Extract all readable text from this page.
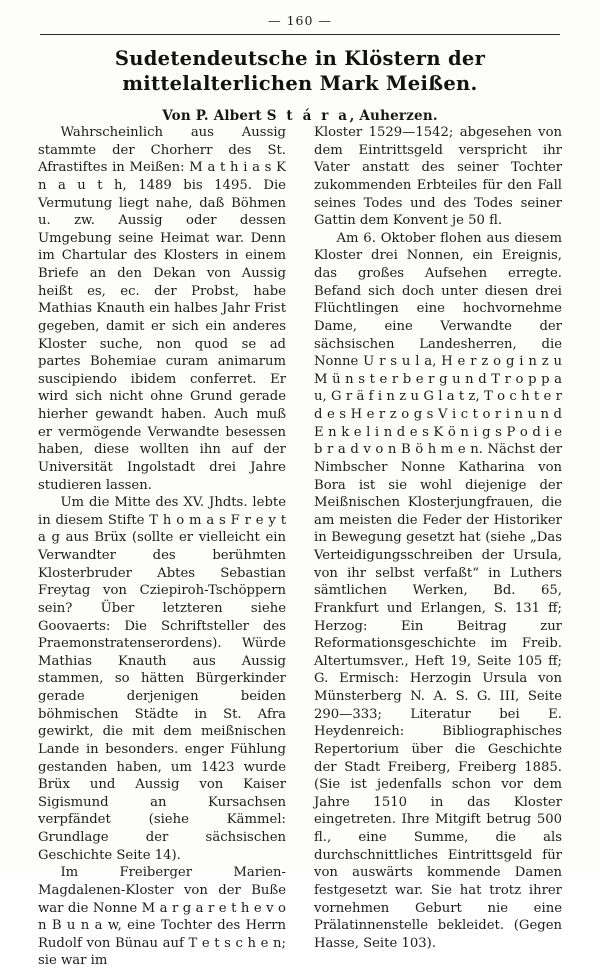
— 160 —
Sudetendeutsche in Klöstern der mittelalterlichen Mark Meißen.
Von P. Albert S t á r a, Auherzen.

Wahrscheinlich aus Aussig stammte der Chorherr des St. Afrastiftes in Meißen: M a t h i a s K n a u t h, 1489 bis 1495. Die Vermutung liegt nahe, daß Böhmen u. zw. Aussig oder dessen Umgebung seine Heimat war. Denn im Chartular des Klosters in einem Briefe an den Dekan von Aussig heißt es, ec. der Probst, habe Mathias Knauth ein halbes Jahr Frist gegeben, damit er sich ein anderes Kloster suche, non quod se ad partes Bohemiae curam animarum suscipiendo ibidem conferret. Er wird sich nicht ohne Grund gerade hierher gewandt haben. Auch muß er vermögende Verwandte besessen haben, diese wollten ihn auf der Universität Ingolstadt drei Jahre studieren lassen.

Um die Mitte des XV. Jhdts. lebte in diesem Stifte T h o m a s F r e y t a g aus Brüx (sollte er vielleicht ein Verwandter des berühmten Klosterbruder Abtes Sebastian Freytag von Cziepiroh-Tschöppern sein? Über letzteren siehe Goovaerts: Die Schriftsteller des Praemonstratenserordens). Würde Mathias Knauth aus Aussig stammen, so hätten Bürgerkinder gerade derjenigen beiden böhmischen Städte in St. Afra gewirkt, die mit dem meißnischen Lande in besonders. enger Fühlung gestanden haben, um 1423 wurde Brüx und Aussig von Kaiser Sigismund an Kursachsen verpfändet (siehe Kämmel: Grundlage der sächsischen Geschichte Seite 14).

Im Freiberger Marien-Magdalenen-Kloster von der Buße war die Nonne M a r g a r e t h e v o n B u n a w, eine Tochter des Herrn Rudolf von Bünau auf T e t s c h e n; sie war im

Kloster 1529—1542; abgesehen von dem Eintrittsgeld verspricht ihr Vater anstatt des seiner Tochter zukommenden Erbteiles für den Fall seines Todes und des Todes seiner Gattin dem Konvent je 50 fl.

Am 6. Oktober flohen aus diesem Kloster drei Nonnen, ein Ereignis, das großes Aufsehen erregte. Befand sich doch unter diesen drei Flüchtlingen eine hochvornehme Dame, eine Verwandte der sächsischen Landesherren, die Nonne U r s u l a, H e r z o g i n z u M ü n s t e r b e r g u n d T r o p p a u, G r ä f i n z u G l a t z, T o c h t e r d e s H e r z o g s V i c t o r i n u n d E n k e l i n d e s K ö n i g s P o d i e b r a d v o n B ö h m e n. Nächst der Nimbscher Nonne Katharina von Bora ist sie wohl diejenige der Meißnischen Klosterjungfrauen, die am meisten die Feder der Historiker in Bewegung gesetzt hat (siehe „Das Verteidigungsschreiben der Ursula, von ihr selbst verfaßt“ in Luthers sämtlichen Werken, Bd. 65, Frankfurt und Erlangen, S. 131 ff; Herzog: Ein Beitrag zur Reformationsgeschichte im Freib. Altertumsver., Heft 19, Seite 105 ff; G. Ermisch: Herzogin Ursula von Münsterberg N. A. S. G. III, Seite 290—333; Literatur bei E. Heydenreich: Bibliographisches Repertorium über die Geschichte der Stadt Freiberg, Freiberg 1885. (Sie ist jedenfalls schon vor dem Jahre 1510 in das Kloster eingetreten. Ihre Mitgift betrug 500 fl., eine Summe, die als durchschnittliches Eintrittsgeld für von auswärts kommende Damen festgesetzt war. Sie hat trotz ihrer vornehmen Geburt nie eine Prälatinnenstelle bekleidet. (Gegen Hasse, Seite 103).
